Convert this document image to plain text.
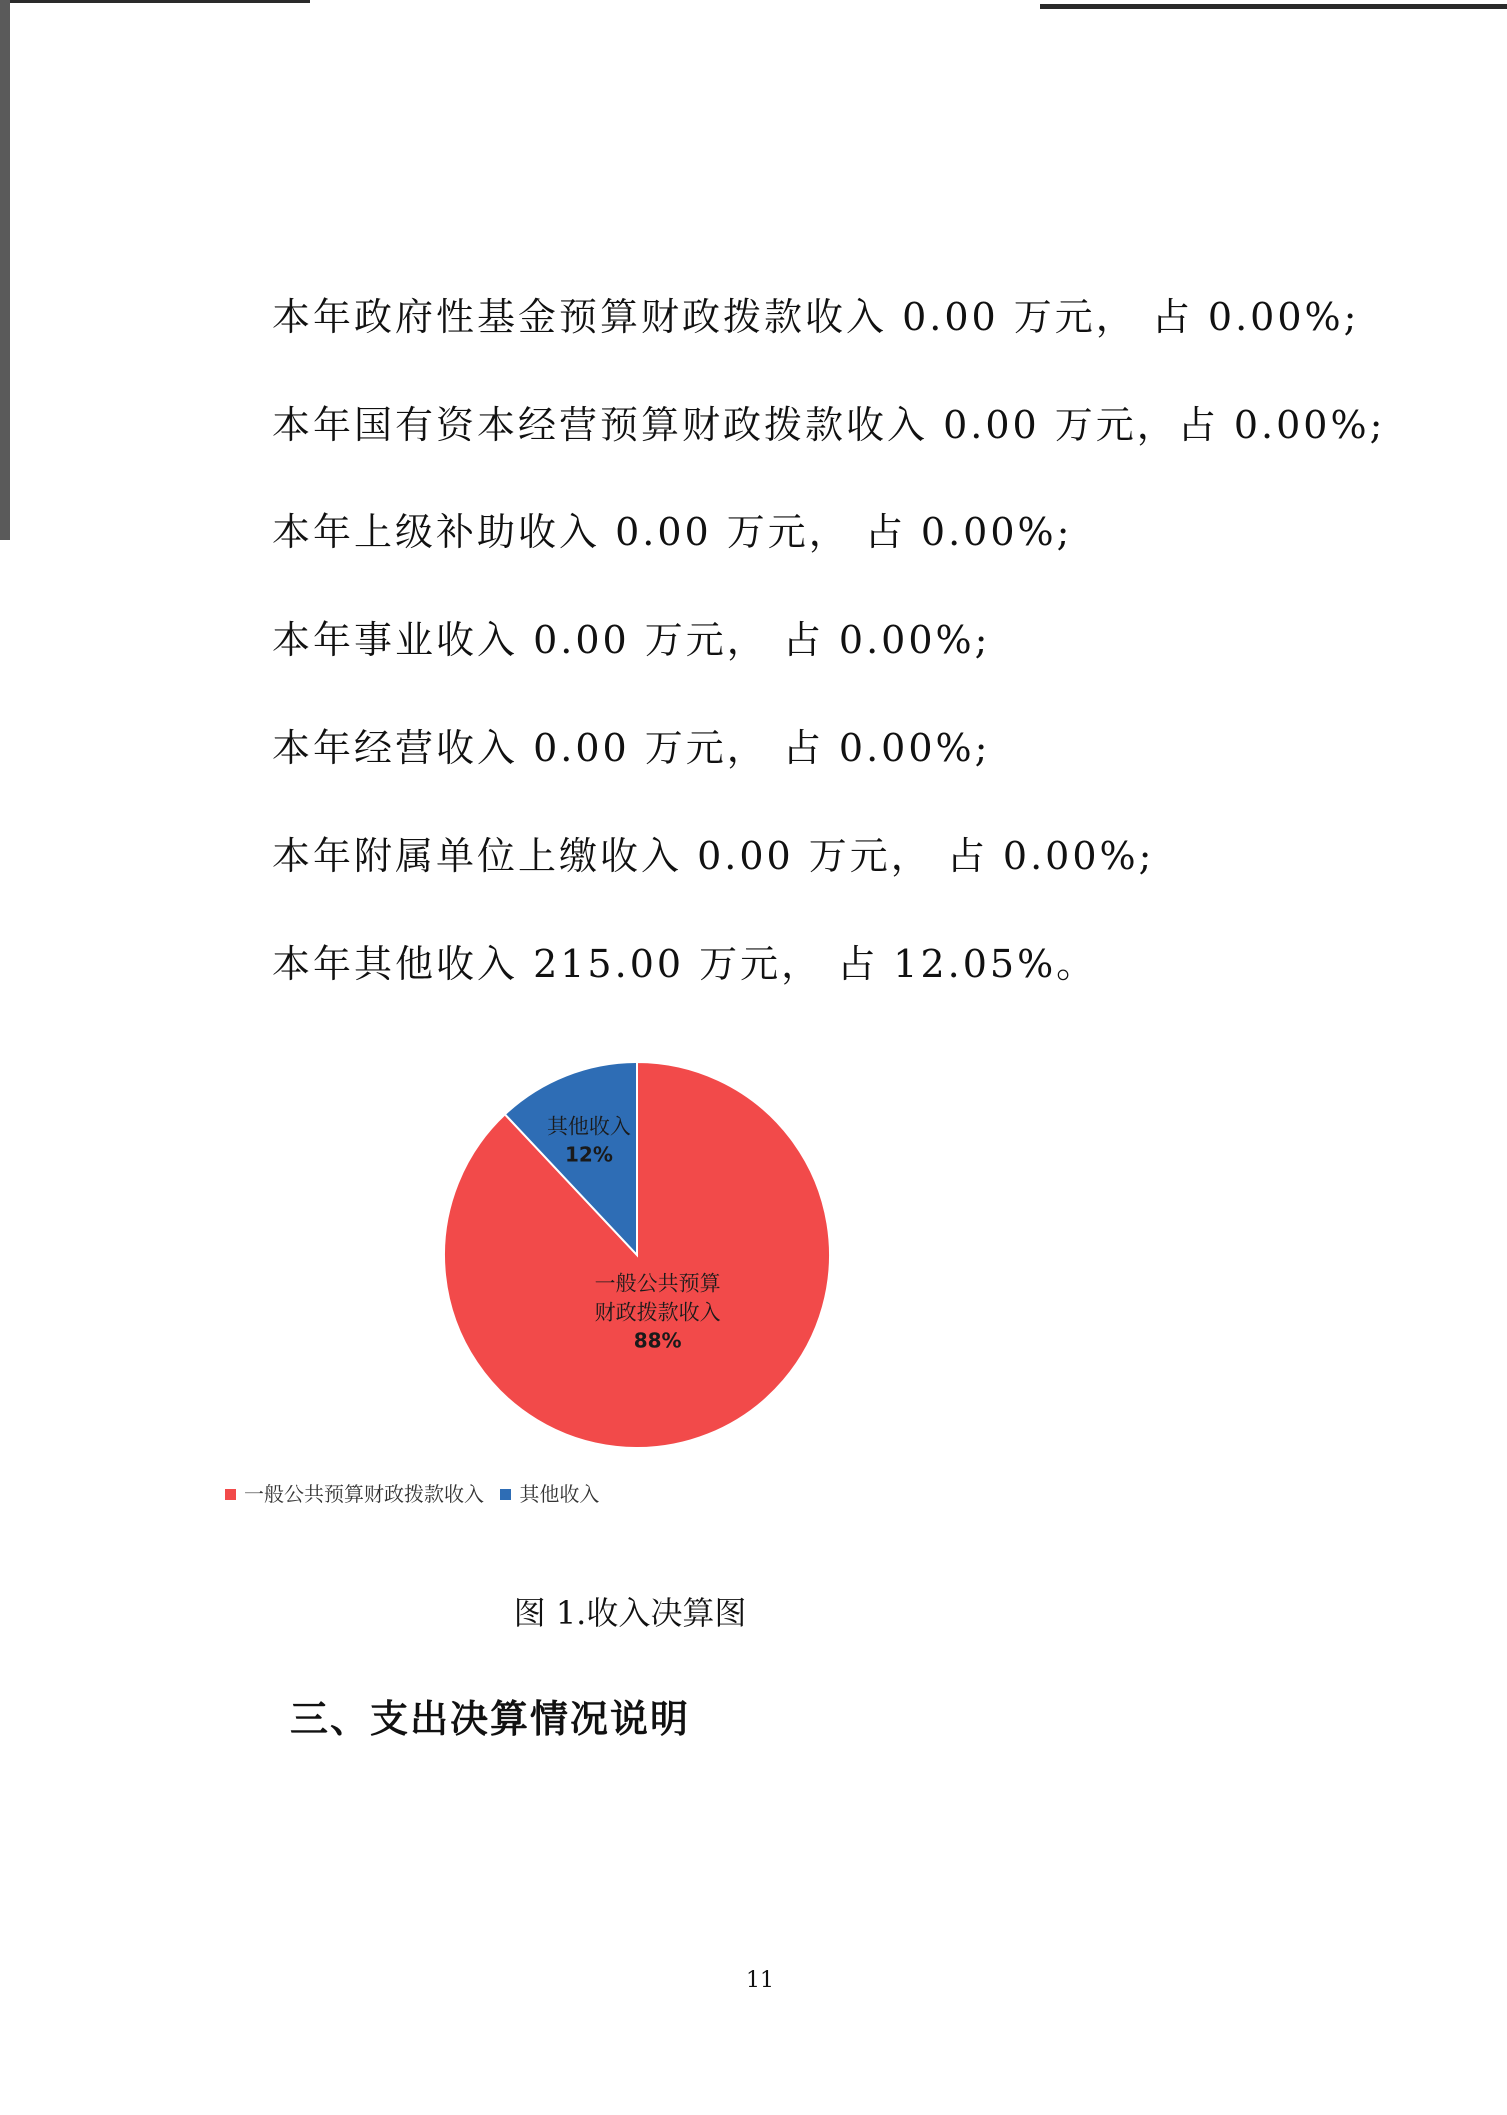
本年政府性基金预算财政拨款收入 0.00 万元， 占 0.00%;

本年国有资本经营预算财政拨款收入 0.00 万元，占 0.00%;

本年上级补助收入 0.00 万元， 占 0.00%;

本年事业收入 0.00 万元， 占 0.00%;

本年经营收入 0.00 万元， 占 0.00%;

本年附属单位上缴收入 0.00 万元， 占 0.00%;

本年其他收入 215.00 万元， 占 12.05%。

一般公共预算
财政拨款收入
88%
其他收入
12%
一般公共预算财政拨款收入 其他收入

图 1.收入决算图

三、支出决算情况说明

11
